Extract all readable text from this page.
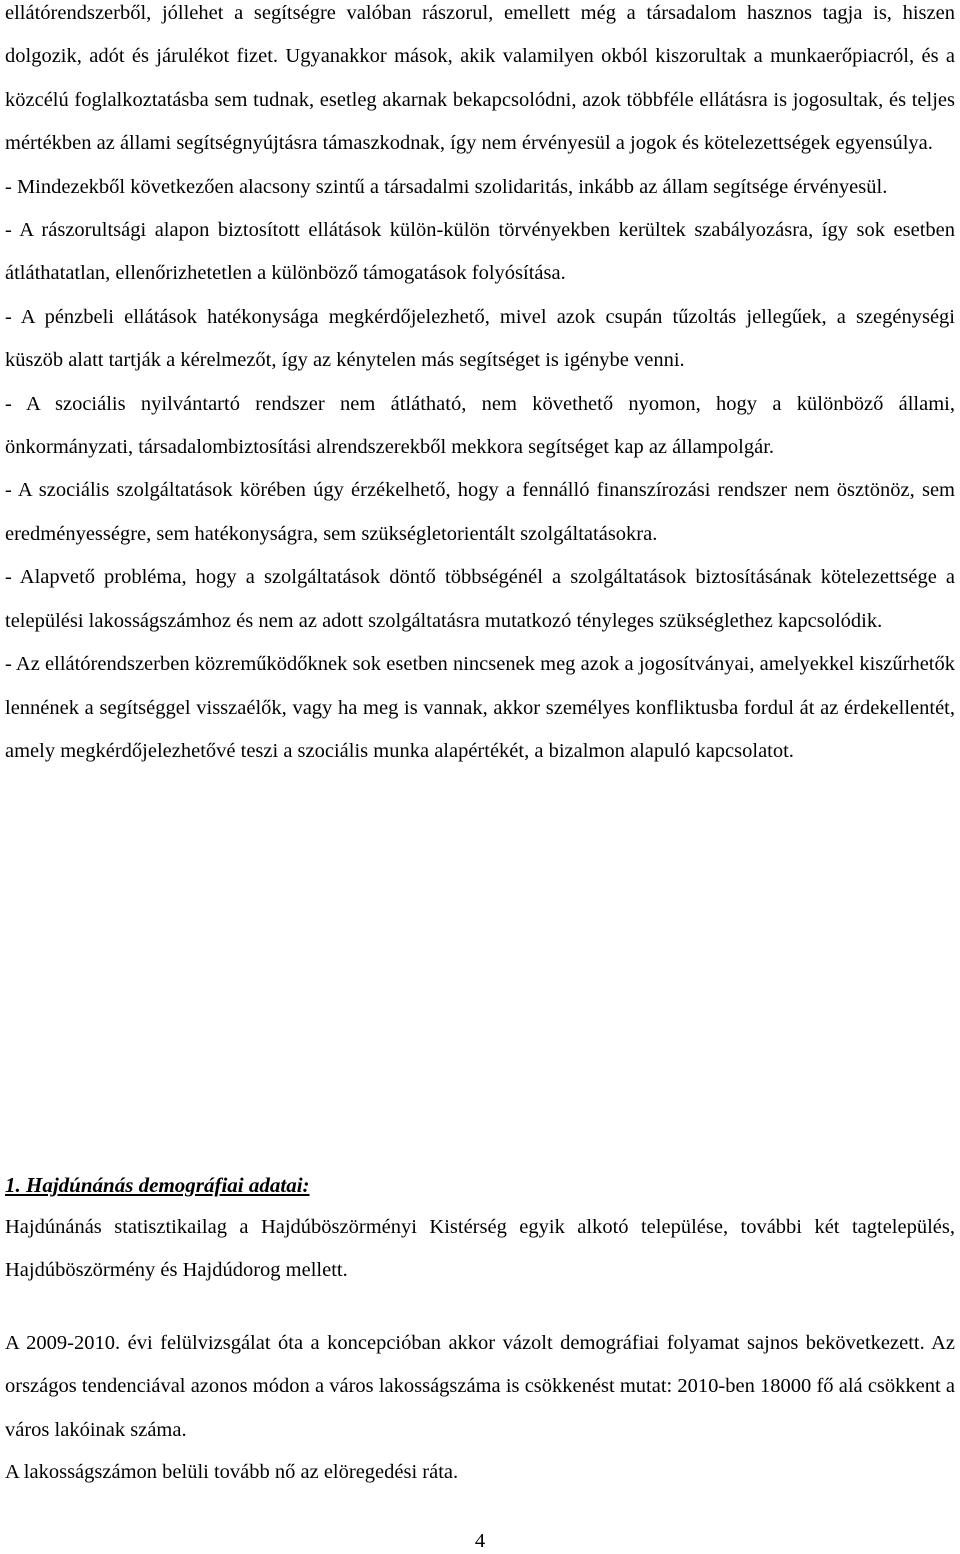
ellátórendszerből, jóllehet a segítségre valóban rászorul, emellett még a társadalom hasznos tagja is, hiszen dolgozik, adót és járulékot fizet. Ugyanakkor mások, akik valamilyen okból kiszorultak a munkaerőpiacról, és a közcélú foglalkoztatásba sem tudnak, esetleg akarnak bekapcsolódni, azok többféle ellátásra is jogosultak, és teljes mértékben az állami segítségnyújtásra támaszkodnak, így nem érvényesül a jogok és kötelezettségek egyensúlya.

- Mindezekből következően alacsony szintű a társadalmi szolidaritás, inkább az állam segítsége érvényesül.

- A rászorultsági alapon biztosított ellátások külön-külön törvényekben kerültek szabályozásra, így sok esetben átláthatatlan, ellenőrizhetetlen a különböző támogatások folyósítása.

- A pénzbeli ellátások hatékonysága megkérdőjelezhető, mivel azok csupán tűzoltás jellegűek, a szegénységi küszöb alatt tartják a kérelmezőt, így az kénytelen más segítséget is igénybe venni.

- A szociális nyilvántartó rendszer nem átlátható, nem követhető nyomon, hogy a különböző állami, önkormányzati, társadalombiztosítási alrendszerekből mekkora segítséget kap az állampolgár.

- A szociális szolgáltatások körében úgy érzékelhető, hogy a fennálló finanszírozási rendszer nem ösztönöz, sem eredményességre, sem hatékonyságra, sem szükségletorientált szolgáltatásokra.

- Alapvető probléma, hogy a szolgáltatások döntő többségénél a szolgáltatások biztosításának kötelezettsége a települési lakosságszámhoz és nem az adott szolgáltatásra mutatkozó tényleges szükséglethez kapcsolódik.

- Az ellátórendszerben közreműködőknek sok esetben nincsenek meg azok a jogosítványai, amelyekkel kiszűrhetők lennének a segítséggel visszaélők, vagy ha meg is vannak, akkor személyes konfliktusba fordul át az érdekellentét, amely megkérdőjelezhetővé teszi a szociális munka alapértékét, a bizalmon alapuló kapcsolatot.

1. Hajdúnánás demográfiai adatai:

Hajdúnánás statisztikailag a Hajdúböszörményi Kistérség egyik alkotó települése, további két tagtelepülés, Hajdúböszörmény és Hajdúdorog mellett.

A 2009-2010. évi felülvizsgálat óta a koncepcióban akkor vázolt demográfiai folyamat sajnos bekövetkezett. Az országos tendenciával azonos módon a város lakosságszáma is csökkenést mutat: 2010-ben 18000 fő alá csökkent a város lakóinak száma.

A lakosságszámon belüli tovább nő az elöregedési ráta.

4
